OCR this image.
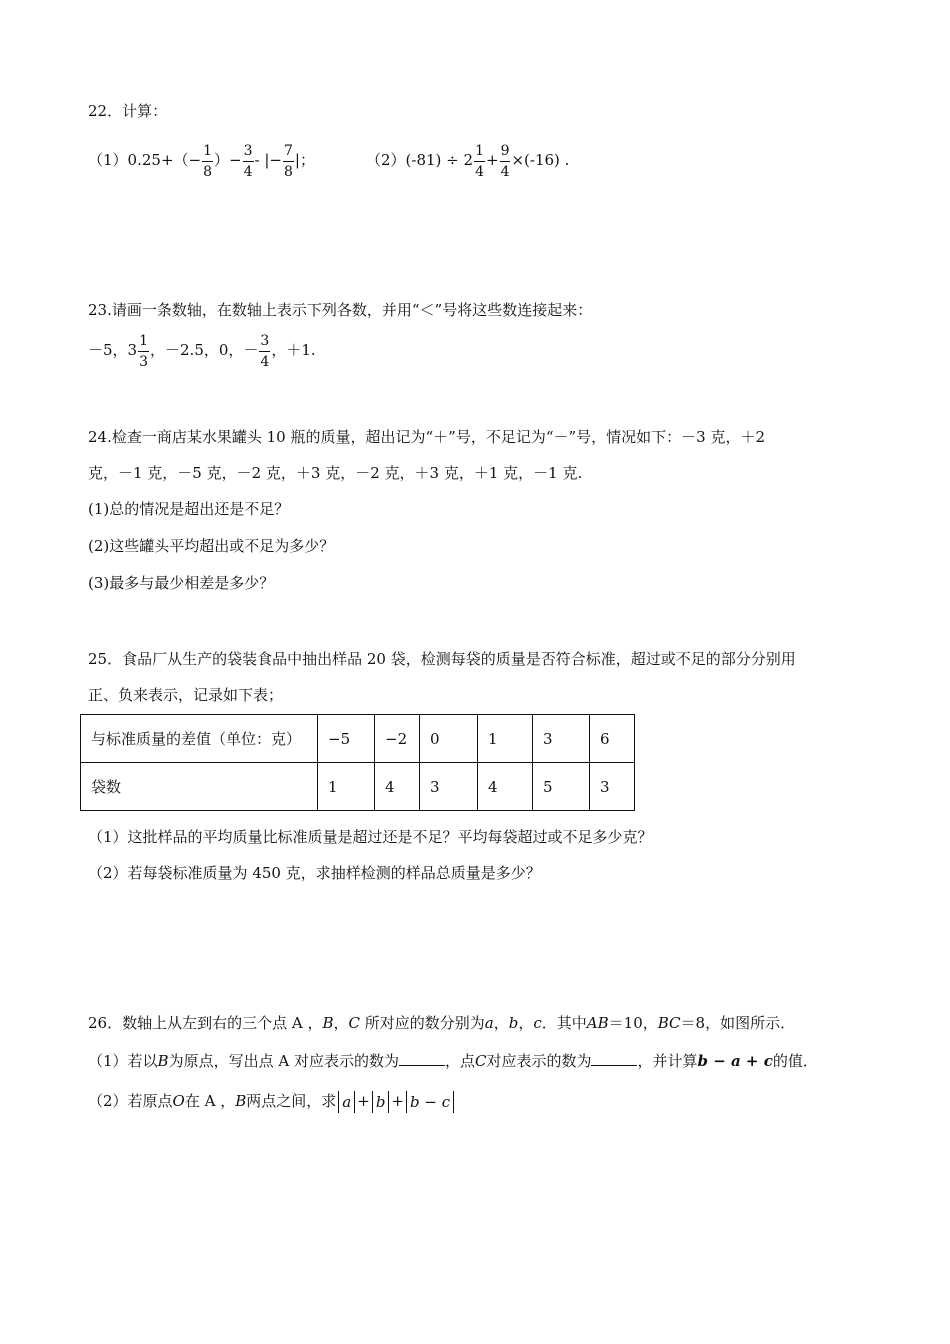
22．计算：
$(1)0.25+(- \frac{1}{8}$ ）− $\frac{3}{4}$ - |− $\frac{7}{8}$ |；	$(2)(-81) \div 2 \frac{1}{4} + \frac{9}{4} \times(-16)$ .
23.请画一条数轴，在数轴上表示下列各数，并用“＜”号将这些数连接起来：
－5，$3 \frac{1}{3}$ ，－2.5，0，－ $\frac{3}{4}$ ，＋1.
24.检查一商店某水果罐头 10 瓶的质量，超出记为“＋”号，不足记为“－”号，情况如下：－3 克，＋2
克，－1 克，－5 克，－2 克，＋3 克，－2 克，＋3 克，＋1 克，－1 克.
(1)总的情况是超出还是不足？
(2)这些罐头平均超出或不足为多少？
(3)最多与最少相差是多少？
25．食品厂从生产的袋装食品中抽出样品 20 袋，检测每袋的质量是否符合标准，超过或不足的部分分别用
正、负来表示，记录如下表；
与标准质量的差值（单位：克）	−5	−2	0	1	3	6
袋数	1	4	3	4	5	3
（1）这批样品的平均质量比标准质量是超过还是不足？平均每袋超过或不足多少克？
（2）若每袋标准质量为 450 克，求抽样检测的样品总质量是多少？
26．数轴上从左到右的三个点 A ，B，C 所对应的数分别为a，b，c．其中AB＝10，BC＝8，如图所示．
（1）若以B为原点，写出点 A 对应表示的数为	，点C对应表示的数为	，并计算b − a + c的值．
（2）若原点O在 A ，B两点之间，求 a + b + b − c
